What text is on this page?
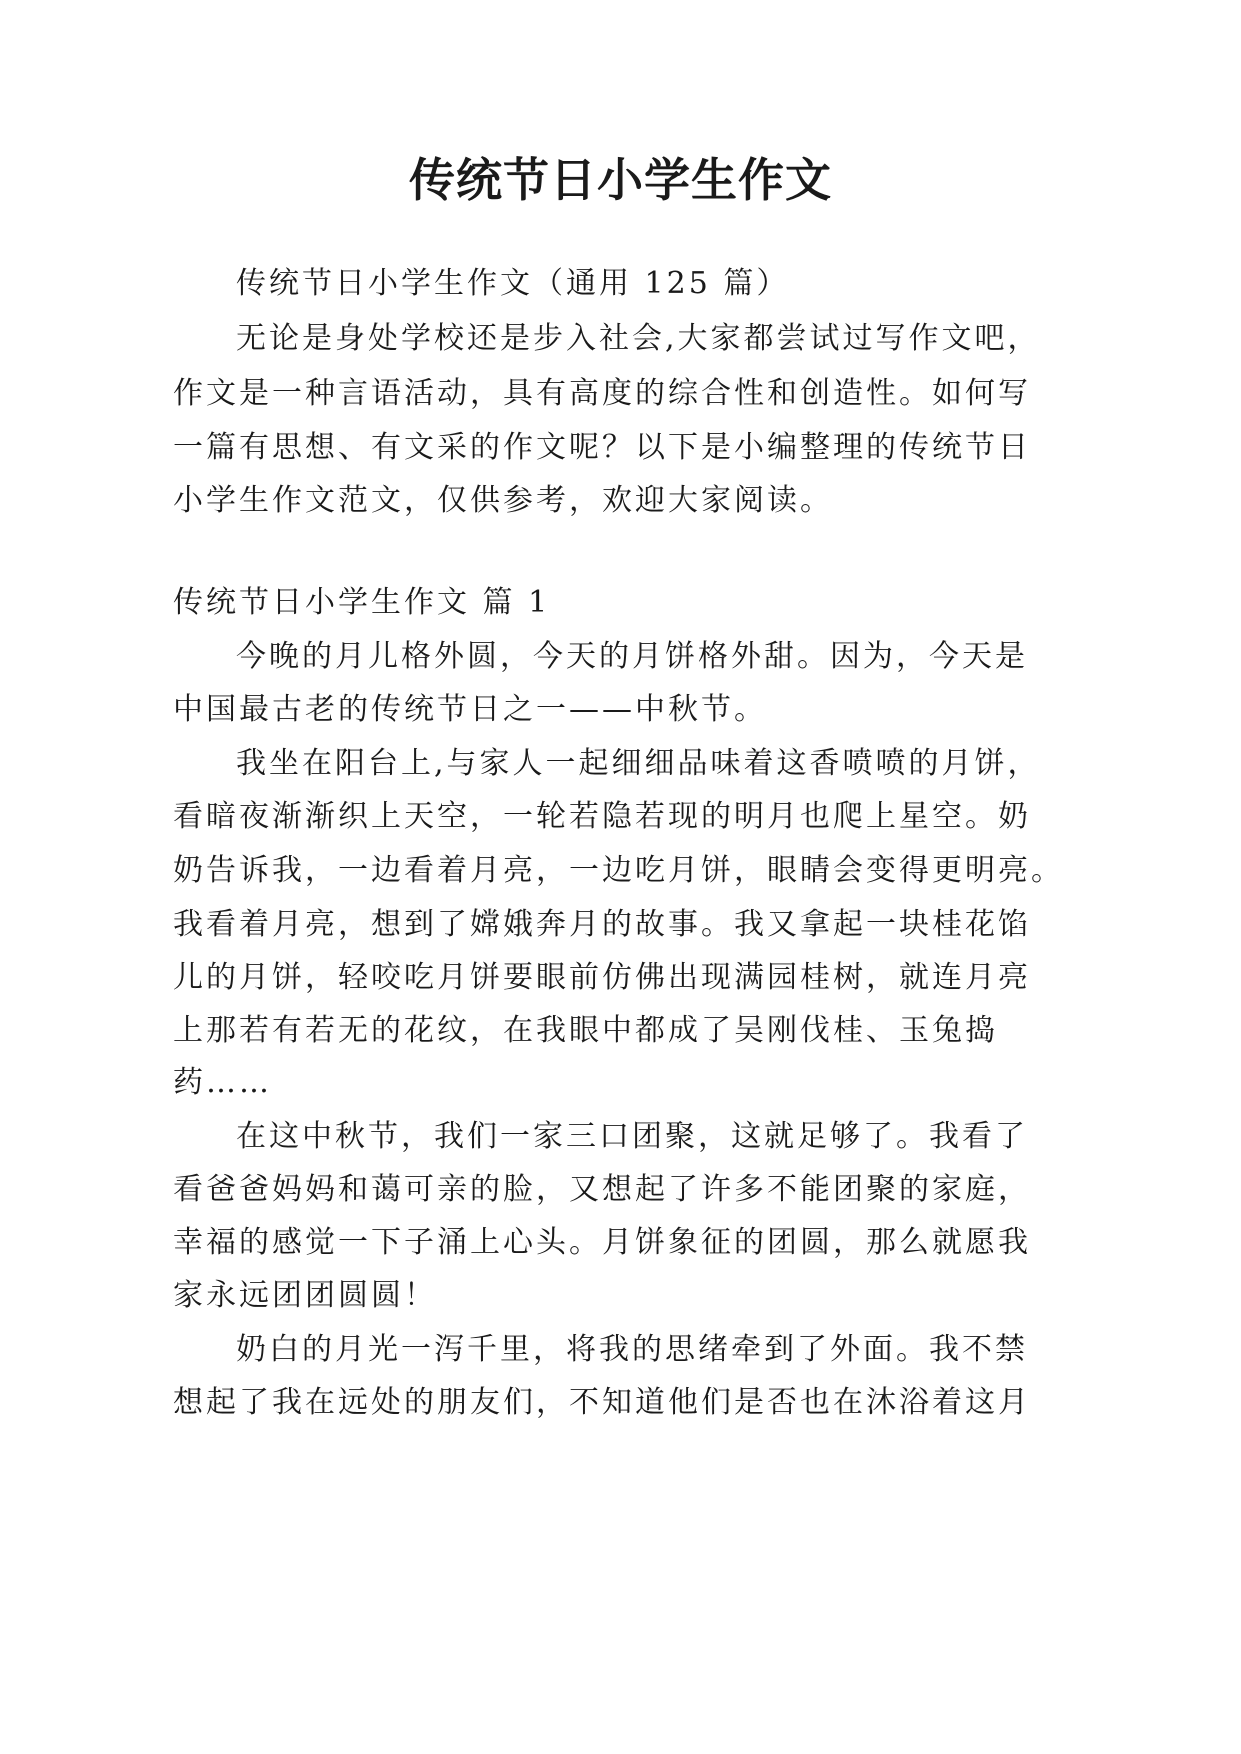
传统节日小学生作文
传统节日小学生作文（通用 125 篇）
无论是身处学校还是步入社会,大家都尝试过写作文吧，
作文是一种言语活动，具有高度的综合性和创造性。如何写
一篇有思想、有文采的作文呢？以下是小编整理的传统节日
小学生作文范文，仅供参考，欢迎大家阅读。
传统节日小学生作文 篇 1
今晚的月儿格外圆，今天的月饼格外甜。因为，今天是
中国最古老的传统节日之一——中秋节。
我坐在阳台上,与家人一起细细品味着这香喷喷的月饼，
看暗夜渐渐织上天空，一轮若隐若现的明月也爬上星空。奶
奶告诉我，一边看着月亮，一边吃月饼，眼睛会变得更明亮。
我看着月亮，想到了嫦娥奔月的故事。我又拿起一块桂花馅
儿的月饼，轻咬吃月饼要眼前仿佛出现满园桂树，就连月亮
上那若有若无的花纹，在我眼中都成了吴刚伐桂、玉兔捣
药……
在这中秋节，我们一家三口团聚，这就足够了。我看了
看爸爸妈妈和蔼可亲的脸，又想起了许多不能团聚的家庭，
幸福的感觉一下子涌上心头。月饼象征的团圆，那么就愿我
家永远团团圆圆！
奶白的月光一泻千里，将我的思绪牵到了外面。我不禁
想起了我在远处的朋友们，不知道他们是否也在沐浴着这月
